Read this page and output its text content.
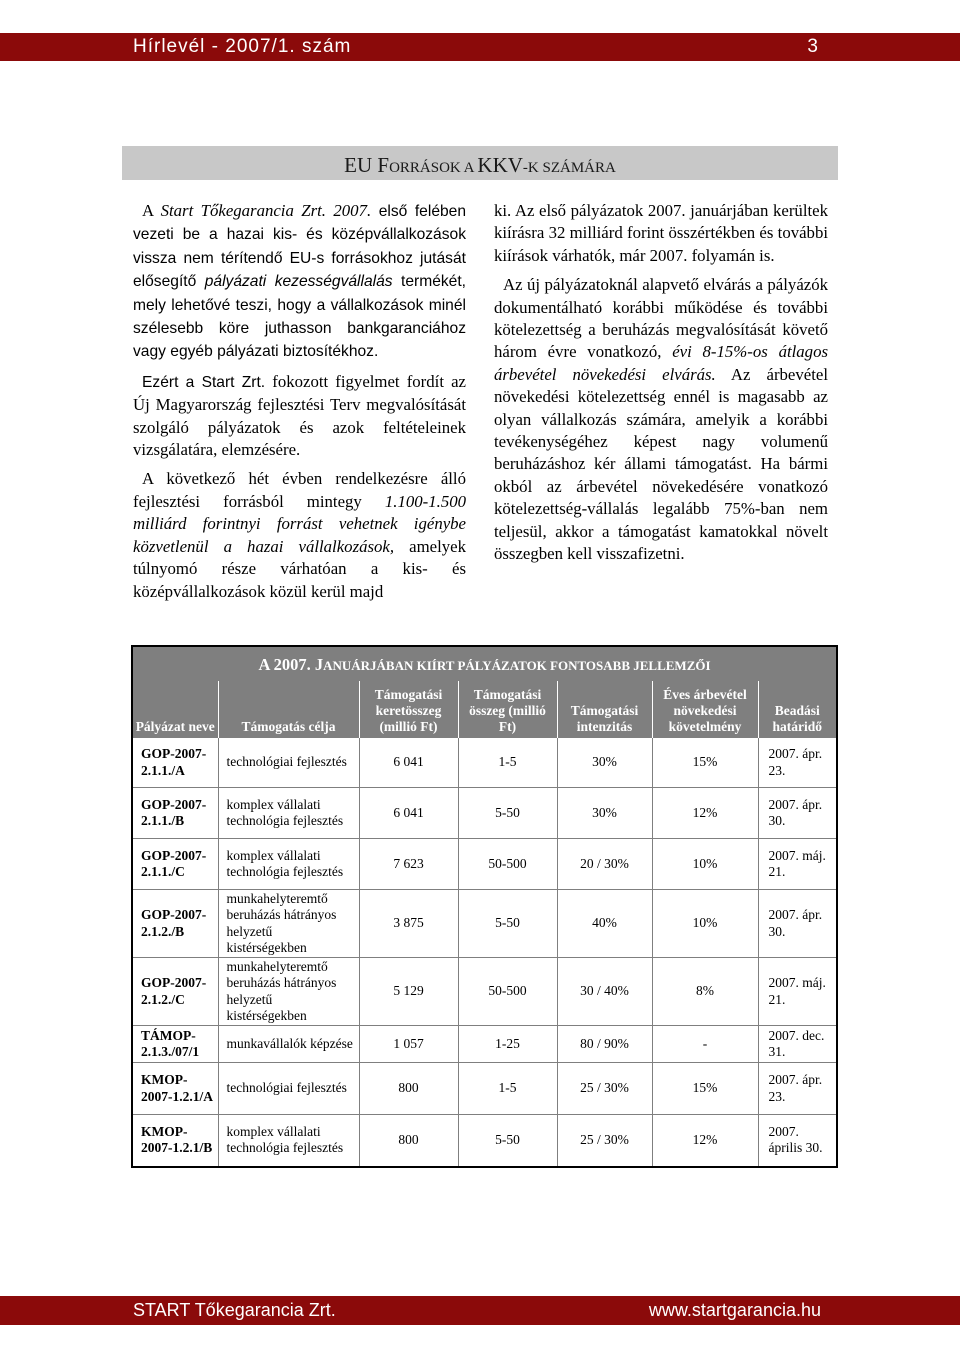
Hírlevél - 2007/1. szám	3
EU FORRÁSOK A KKV-K SZÁMÁRA

A Start Tőkegarancia Zrt. 2007. első felében vezeti be a hazai kis- és középvállalkozások vissza nem térítendő EU-s forrásokhoz jutását elősegítő pályázati kezességvállalás termékét, mely lehetővé teszi, hogy a vállalkozások minél szélesebb köre juthasson bankgaranciához vagy egyéb pályázati biztosítékhoz.

Ezért a Start Zrt. fokozott figyelmet fordít az Új Magyarország fejlesztési Terv megvalósítását szolgáló pályázatok és azok feltételeinek vizsgálatára, elemzésére.

A következő hét évben rendelkezésre álló fejlesztési forrásból mintegy 1.100-1.500 milliárd forintnyi forrást vehetnek igénybe közvetlenül a hazai vállalkozások, amelyek túlnyomó része várhatóan a kis- és középvállalkozások közül kerül majd

ki. Az első pályázatok 2007. januárjában kerültek kiírásra 32 milliárd forint összértékben és további kiírások várhatók, már 2007. folyamán is.

Az új pályázatoknál alapvető elvárás a pályázók dokumentálható korábbi működése és további kötelezettség a beruházás megvalósítását követő három évre vonatkozó, évi 8-15%-os átlagos árbevétel növekedési elvárás. Az árbevétel növekedési kötelezettség ennél is magasabb az olyan vállalkozás számára, amelyik a korábbi tevékenységéhez képest nagy volumenű beruházáshoz kér állami támogatást. Ha bármi okból az árbevétel növekedésére vonatkozó kötelezettség-vállalás legalább 75%-ban nem teljesül, akkor a támogatást kamatokkal növelt összegben kell visszafizetni.

A 2007. JANUÁRJÁBAN KIÍRT PÁLYÁZATOK FONTOSABB JELLEMZŐI
Pályázat neve	Támogatás célja	Támogatási keretösszeg (millió Ft)	Támogatási összeg (millió Ft)	Támogatási intenzitás	Éves árbevétel növekedési követelmény	Beadási határidő
GOP-2007-2.1.1./A	technológiai fejlesztés	6 041	1-5	30%	15%	2007. ápr. 23.
GOP-2007-2.1.1./B	komplex vállalati technológia fejlesztés	6 041	5-50	30%	12%	2007. ápr. 30.
GOP-2007-2.1.1./C	komplex vállalati technológia fejlesztés	7 623	50-500	20 / 30%	10%	2007. máj. 21.
GOP-2007-2.1.2./B	munkahelyteremtő beruházás hátrányos helyzetű kistérségekben	3 875	5-50	40%	10%	2007. ápr. 30.
GOP-2007-2.1.2./C	munkahelyteremtő beruházás hátrányos helyzetű kistérségekben	5 129	50-500	30 / 40%	8%	2007. máj. 21.
TÁMOP-2.1.3./07/1	munkavállalók képzése	1 057	1-25	80 / 90%	-	2007. dec. 31.
KMOP-2007-1.2.1/A	technológiai fejlesztés	800	1-5	25 / 30%	15%	2007. ápr. 23.
KMOP-2007-1.2.1/B	komplex vállalati technológia fejlesztés	800	5-50	25 / 30%	12%	2007. április 30.
START Tőkegarancia Zrt.	www.startgarancia.hu
